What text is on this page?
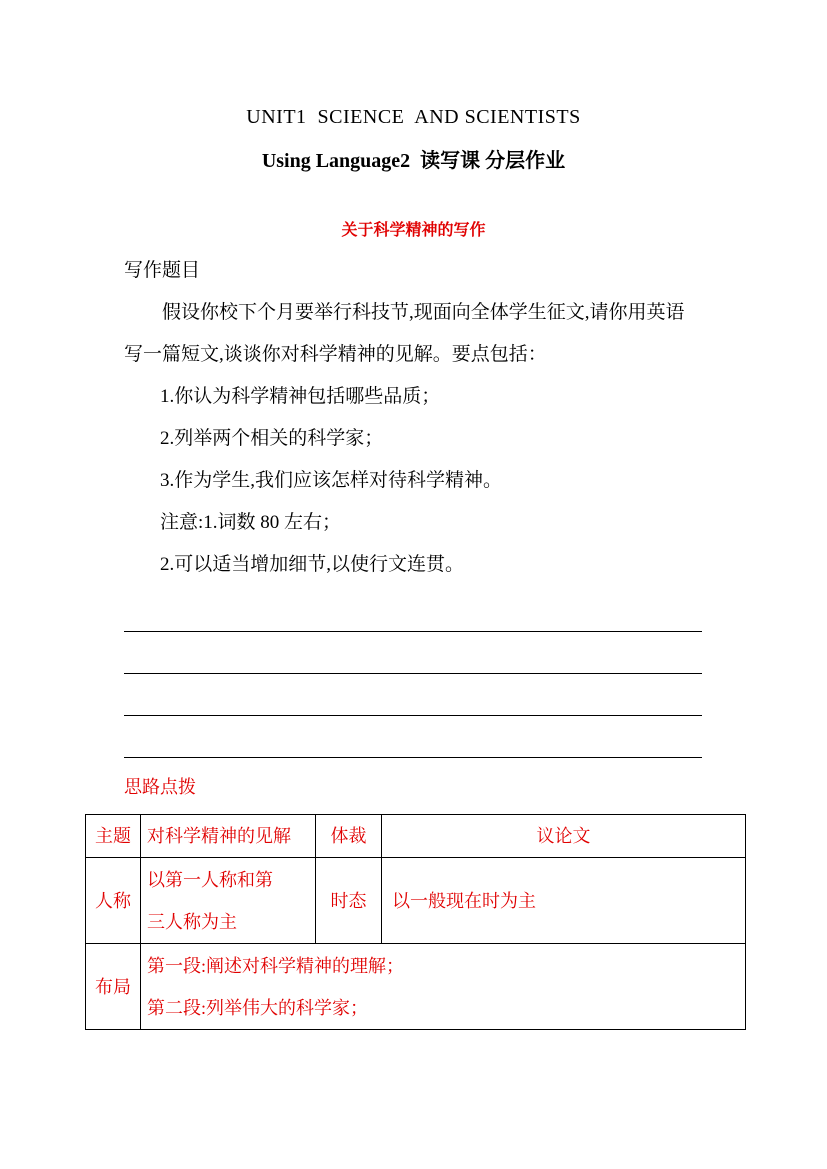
UNIT1  SCIENCE  AND SCIENTISTS
Using Language2  读写课 分层作业
关于科学精神的写作
写作题目
假设你校下个月要举行科技节,现面向全体学生征文,请你用英语
写一篇短文,谈谈你对科学精神的见解。要点包括：
1.你认为科学精神包括哪些品质；
2.列举两个相关的科学家；
3.作为学生,我们应该怎样对待科学精神。
注意:1.词数 80 左右；
2.可以适当增加细节,以使行文连贯。
思路点拨
主题	对科学精神的见解	体裁	议论文
人称	以第一人称和第
三人称为主	时态	以一般现在时为主
布局	第一段:阐述对科学精神的理解；
第二段:列举伟大的科学家；		
